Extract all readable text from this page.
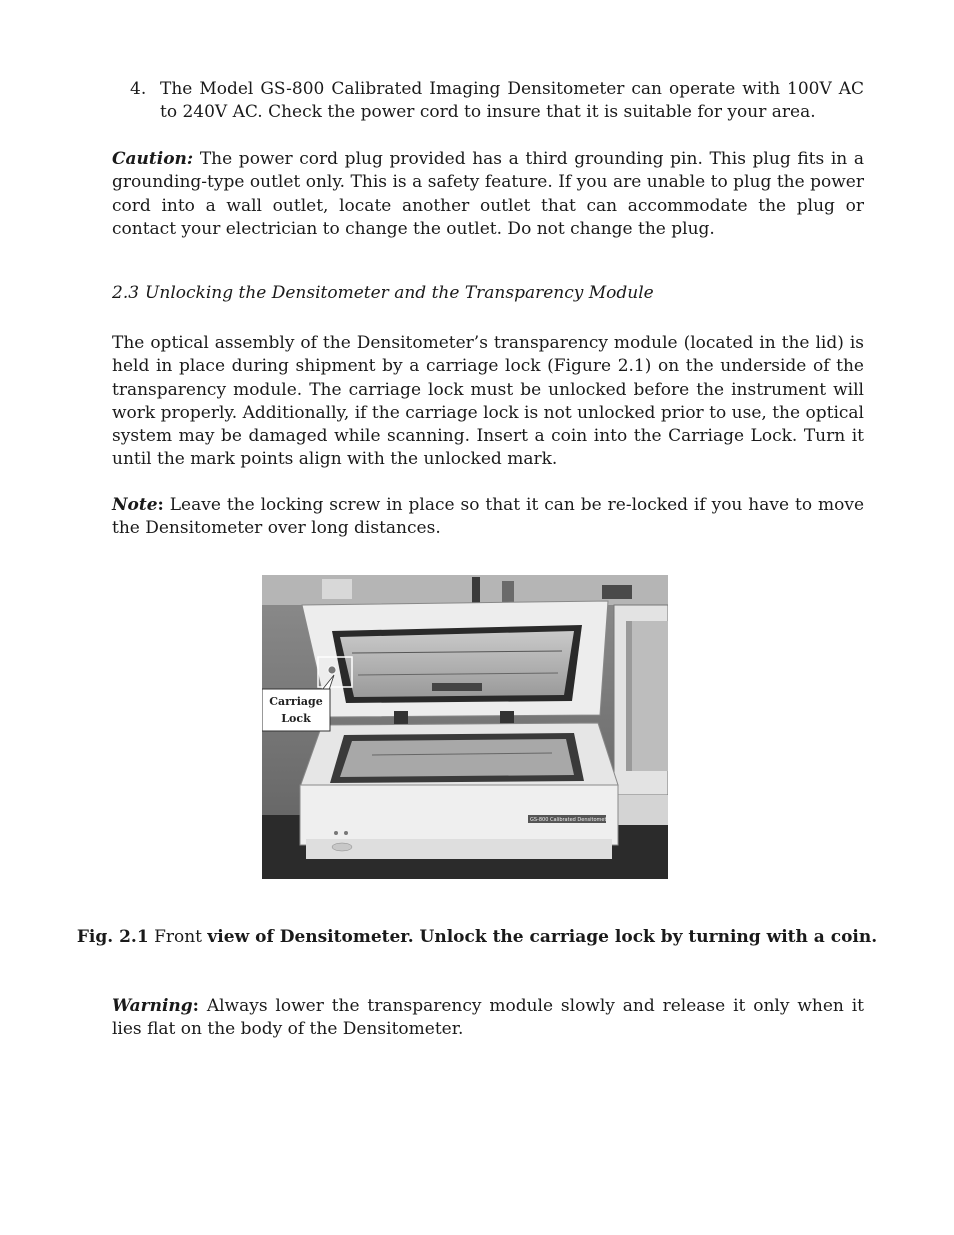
4. The Model GS-800 Calibrated Imaging Densitometer can operate with 100V AC to 240V AC. Check the power cord to insure that it is suitable for your area.

Caution: The power cord plug provided has a third grounding pin. This plug fits in a grounding-type outlet only. This is a safety feature. If you are unable to plug the power cord into a wall outlet, locate another outlet that can accommodate the plug or contact your electrician to change the outlet. Do not change the plug.

2.3 Unlocking the Densitometer and the Transparency Module

The optical assembly of the Densitometer’s transparency module (located in the lid) is held in place during shipment by a carriage lock (Figure 2.1) on the underside of the transparency module. The carriage lock must be unlocked before the instrument will work properly. Additionally, if the carriage lock is not unlocked prior to use, the optical system may be damaged while scanning. Insert a coin into the Carriage Lock. Turn it until the mark points align with the unlocked mark.

Note: Leave the locking screw in place so that it can be re-locked if you have to move the Densitometer over long distances.

GS-800 Calibrated Densitometer
Carriage
Lock

Fig. 2.1 Front view of Densitometer. Unlock the carriage lock by turning with a coin.

Warning: Always lower the transparency module slowly and release it only when it lies flat on the body of the Densitometer.
